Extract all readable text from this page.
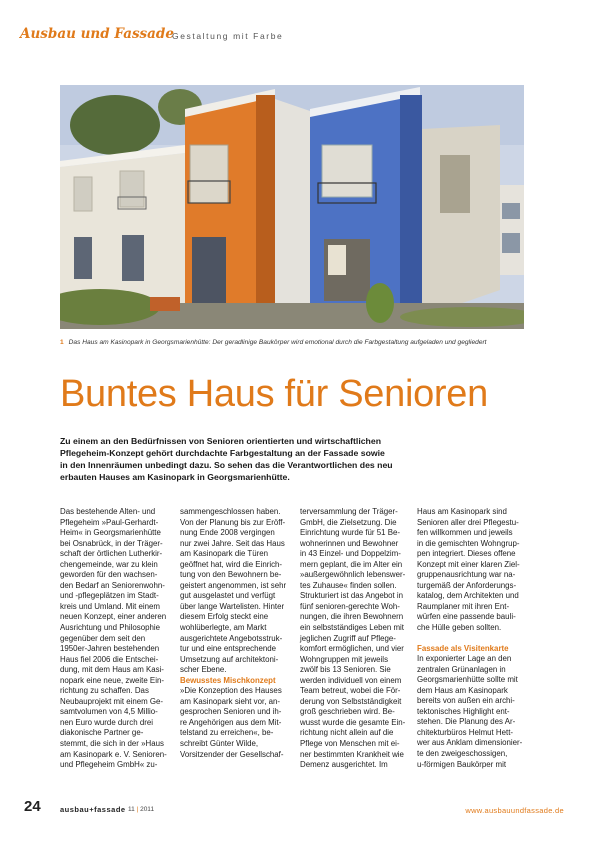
Ausbau und Fassade
Gestaltung mit Farbe
1 Das Haus am Kasinopark in Georgsmarienhütte: Der geradlinige Baukörper wird emotional durch die Farbgestaltung aufgeladen und gegliedert
Buntes Haus für Senioren
Zu einem an den Bedürfnissen von Senioren orientierten und wirtschaftlichen
Pflegeheim-Konzept gehört durchdachte Farbgestaltung an der Fassade sowie
in den Innenräumen unbedingt dazu. So sehen das die Verantwortlichen des neu
erbauten Hauses am Kasinopark in Georgsmarienhütte.
Das bestehende Alten- und
Pflegeheim »Paul-Gerhardt-
Heim« in Georgsmarienhütte
bei Osnabrück, in der Träger-
schaft der örtlichen Lutherkir-
chengemeinde, war zu klein
geworden für den wachsen-
den Bedarf an Seniorenwohn-
und -pflegeplätzen im Stadt-
kreis und Umland. Mit einem
neuen Konzept, einer anderen
Ausrichtung und Philosophie
gegenüber dem seit den
1950er-Jahren bestehenden
Haus fiel 2006 die Entschei-
dung, mit dem Haus am Kasi-
nopark eine neue, zweite Ein-
richtung zu schaffen. Das
Neubauprojekt mit einem Ge-
samtvolumen von 4,5 Millio-
nen Euro wurde durch drei
diakonische Partner ge-
stemmt, die sich in der »Haus
am Kasinopark e. V. Senioren-
und Pflegeheim GmbH« zu-
sammengeschlossen haben.
Von der Planung bis zur Eröff-
nung Ende 2008 vergingen
nur zwei Jahre. Seit das Haus
am Kasinopark die Türen
geöffnet hat, wird die Einrich-
tung von den Bewohnern be-
geistert angenommen, ist sehr
gut ausgelastet und verfügt
über lange Wartelisten. Hinter
diesem Erfolg steckt eine
wohlüberlegte, am Markt
ausgerichtete Angebotsstruk-
tur und eine entsprechende
Umsetzung auf architektoni-
scher Ebene.
Bewusstes Mischkonzept
»Die Konzeption des Hauses
am Kasinopark sieht vor, an-
gesprochen Senioren und ih-
re Angehörigen aus dem Mit-
telstand zu erreichen«, be-
schreibt Günter Wilde,
Vorsitzender der Gesellschaf-
terversammlung der Träger-
GmbH, die Zielsetzung. Die
Einrichtung wurde für 51 Be-
wohnerinnen und Bewohner
in 43 Einzel- und Doppelzim-
mern geplant, die im Alter ein
»außergewöhnlich lebenswer-
tes Zuhause« finden sollen.
Strukturiert ist das Angebot in
fünf senioren-gerechte Woh-
nungen, die ihren Bewohnern
ein selbstständiges Leben mit
jeglichen Zugriff auf Pflege-
komfort ermöglichen, und vier
Wohngruppen mit jeweils
zwölf bis 13 Senioren. Sie
werden individuell von einem
Team betreut, wobei die För-
derung von Selbstständigkeit
groß geschrieben wird. Be-
wusst wurde die gesamte Ein-
richtung nicht allein auf die
Pflege von Menschen mit ei-
ner bestimmten Krankheit wie
Demenz ausgerichtet. Im
Haus am Kasinopark sind
Senioren aller drei Pflegestu-
fen willkommen und jeweils
in die gemischten Wohngrup-
pen integriert. Dieses offene
Konzept mit einer klaren Ziel-
gruppenausrichtung war na-
turgemäß der Anforderungs-
katalog, dem Architekten und
Raumplaner mit ihren Ent-
würfen eine passende bauli-
che Hülle geben sollten.
Fassade als Visitenkarte
In exponierter Lage an den
zentralen Grünanlagen in
Georgsmarienhütte sollte mit
dem Haus am Kasinopark
bereits von außen ein archi-
tektonisches Highlight ent-
stehen. Die Planung des Ar-
chitekturbüros Helmut Hett-
wer aus Anklam dimensionier-
te den zweigeschossigen,
u-förmigen Baukörper mit
24	ausbau+fassade 11 | 2011	www.ausbauundfassade.de
